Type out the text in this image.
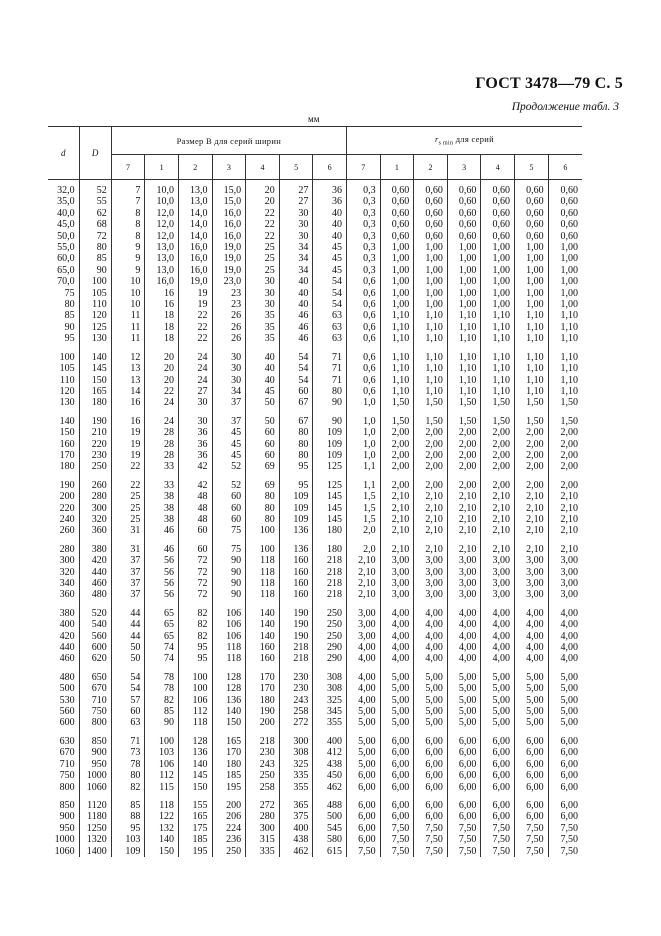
ГОСТ 3478—79 С. 5
Продолжение табл. 3
мм
d	D	Размер B для серий ширин							$r_{s min}$ для серий						
		7	1	2	3	4	5	6	7	1	2	3	4	5	6

32,0	52	7	10,0	13,0	15,0	20	27	36	0,3	0,60	0,60	0,60	0,60	0,60	0,60
35,0	55	7	10,0	13,0	15,0	20	27	36	0,3	0,60	0,60	0,60	0,60	0,60	0,60
40,0	62	8	12,0	14,0	16,0	22	30	40	0,3	0,60	0,60	0,60	0,60	0,60	0,60
45,0	68	8	12,0	14,0	16,0	22	30	40	0,3	0,60	0,60	0,60	0,60	0,60	0,60
50,0	72	8	12,0	14,0	16,0	22	30	40	0,3	0,60	0,60	0,60	0,60	0,60	0,60
55,0	80	9	13,0	16,0	19,0	25	34	45	0,3	1,00	1,00	1,00	1,00	1,00	1,00
60,0	85	9	13,0	16,0	19,0	25	34	45	0,3	1,00	1,00	1,00	1,00	1,00	1,00
65,0	90	9	13,0	16,0	19,0	25	34	45	0,3	1,00	1,00	1,00	1,00	1,00	1,00
70,0	100	10	16,0	19,0	23,0	30	40	54	0,6	1,00	1,00	1,00	1,00	1,00	1,00
75	105	10	16	19	23	30	40	54	0,6	1,00	1,00	1,00	1,00	1,00	1,00
80	110	10	16	19	23	30	40	54	0,6	1,00	1,00	1,00	1,00	1,00	1,00
85	120	11	18	22	26	35	46	63	0,6	1,10	1,10	1,10	1,10	1,10	1,10
90	125	11	18	22	26	35	46	63	0,6	1,10	1,10	1,10	1,10	1,10	1,10
95	130	11	18	22	26	35	46	63	0,6	1,10	1,10	1,10	1,10	1,10	1,10

100	140	12	20	24	30	40	54	71	0,6	1,10	1,10	1,10	1,10	1,10	1,10
105	145	13	20	24	30	40	54	71	0,6	1,10	1,10	1,10	1,10	1,10	1,10
110	150	13	20	24	30	40	54	71	0,6	1,10	1,10	1,10	1,10	1,10	1,10
120	165	14	22	27	34	45	60	80	0,6	1,10	1,10	1,10	1,10	1,10	1,10
130	180	16	24	30	37	50	67	90	1,0	1,50	1,50	1,50	1,50	1,50	1,50

140	190	16	24	30	37	50	67	90	1,0	1,50	1,50	1,50	1,50	1,50	1,50
150	210	19	28	36	45	60	80	109	1,0	2,00	2,00	2,00	2,00	2,00	2,00
160	220	19	28	36	45	60	80	109	1,0	2,00	2,00	2,00	2,00	2,00	2,00
170	230	19	28	36	45	60	80	109	1,0	2,00	2,00	2,00	2,00	2,00	2,00
180	250	22	33	42	52	69	95	125	1,1	2,00	2,00	2,00	2,00	2,00	2,00

190	260	22	33	42	52	69	95	125	1,1	2,00	2,00	2,00	2,00	2,00	2,00
200	280	25	38	48	60	80	109	145	1,5	2,10	2,10	2,10	2,10	2,10	2,10
220	300	25	38	48	60	80	109	145	1,5	2,10	2,10	2,10	2,10	2,10	2,10
240	320	25	38	48	60	80	109	145	1,5	2,10	2,10	2,10	2,10	2,10	2,10
260	360	31	46	60	75	100	136	180	2,0	2,10	2,10	2,10	2,10	2,10	2,10

280	380	31	46	60	75	100	136	180	2,0	2,10	2,10	2,10	2,10	2,10	2,10
300	420	37	56	72	90	118	160	218	2,10	3,00	3,00	3,00	3,00	3,00	3,00
320	440	37	56	72	90	118	160	218	2,10	3,00	3,00	3,00	3,00	3,00	3,00
340	460	37	56	72	90	118	160	218	2,10	3,00	3,00	3,00	3,00	3,00	3,00
360	480	37	56	72	90	118	160	218	2,10	3,00	3,00	3,00	3,00	3,00	3,00

380	520	44	65	82	106	140	190	250	3,00	4,00	4,00	4,00	4,00	4,00	4,00
400	540	44	65	82	106	140	190	250	3,00	4,00	4,00	4,00	4,00	4,00	4,00
420	560	44	65	82	106	140	190	250	3,00	4,00	4,00	4,00	4,00	4,00	4,00
440	600	50	74	95	118	160	218	290	4,00	4,00	4,00	4,00	4,00	4,00	4,00
460	620	50	74	95	118	160	218	290	4,00	4,00	4,00	4,00	4,00	4,00	4,00

480	650	54	78	100	128	170	230	308	4,00	5,00	5,00	5,00	5,00	5,00	5,00
500	670	54	78	100	128	170	230	308	4,00	5,00	5,00	5,00	5,00	5,00	5,00
530	710	57	82	106	136	180	243	325	4,00	5,00	5,00	5,00	5,00	5,00	5,00
560	750	60	85	112	140	190	258	345	5,00	5,00	5,00	5,00	5,00	5,00	5,00
600	800	63	90	118	150	200	272	355	5,00	5,00	5,00	5,00	5,00	5,00	5,00

630	850	71	100	128	165	218	300	400	5,00	6,00	6,00	6,00	6,00	6,00	6,00
670	900	73	103	136	170	230	308	412	5,00	6,00	6,00	6,00	6,00	6,00	6,00
710	950	78	106	140	180	243	325	438	5,00	6,00	6,00	6,00	6,00	6,00	6,00
750	1000	80	112	145	185	250	335	450	6,00	6,00	6,00	6,00	6,00	6,00	6,00
800	1060	82	115	150	195	258	355	462	6,00	6,00	6,00	6,00	6,00	6,00	6,00

850	1120	85	118	155	200	272	365	488	6,00	6,00	6,00	6,00	6,00	6,00	6,00
900	1180	88	122	165	206	280	375	500	6,00	6,00	6,00	6,00	6,00	6,00	6,00
950	1250	95	132	175	224	300	400	545	6,00	7,50	7,50	7,50	7,50	7,50	7,50
1000	1320	103	140	185	236	315	438	580	6,00	7,50	7,50	7,50	7,50	7,50	7,50
1060	1400	109	150	195	250	335	462	615	7,50	7,50	7,50	7,50	7,50	7,50	7,50
